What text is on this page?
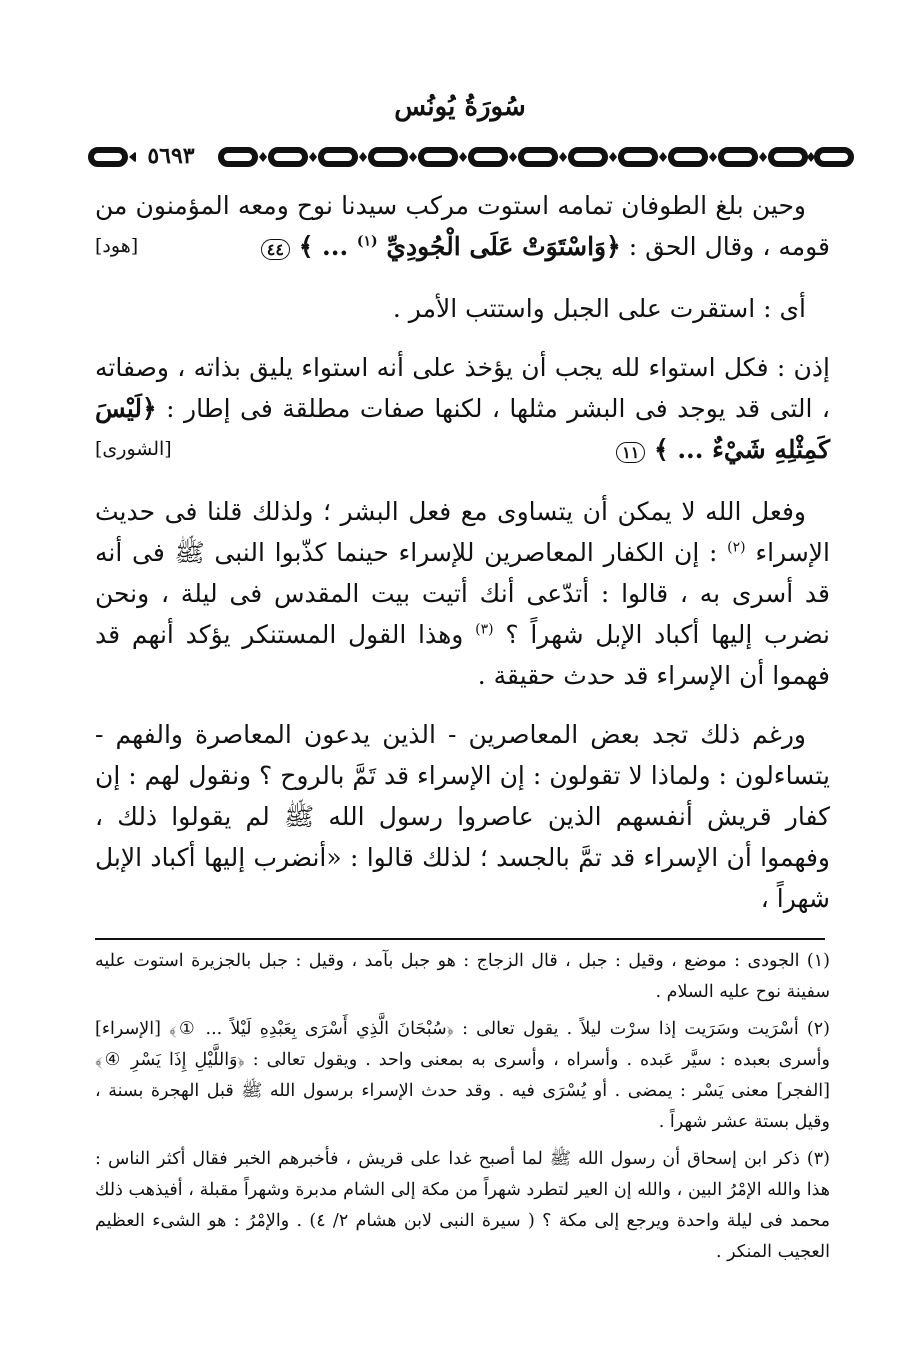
سُورَةُ يُونُس
٥٦٩٣

وحين بلغ الطوفان تمامه استوت مركب سيدنا نوح ومعه المؤمنون من قومه ، وقال الحق : ﴿وَاسْتَوَتْ عَلَى الْجُودِيِّ $^{(١)}$ ... ﴾ ٤٤
[هود]

أى : استقرت على الجبل واستتب الأمر .

إذن : فكل استواء لله يجب أن يؤخذ على أنه استواء يليق بذاته ، وصفاته ، التى قد يوجد فى البشر مثلها ، لكنها صفات مطلقة فى إطار : ﴿لَيْسَ كَمِثْلِهِ شَيْءٌ ... ﴾ ١١
[الشورى]

وفعل الله لا يمكن أن يتساوى مع فعل البشر ؛ ولذلك قلنا فى حديث الإسراء $^{(٢)}$ : إن الكفار المعاصرين للإسراء حينما كذّبوا النبى ﷺ فى أنه قد أسرى به ، قالوا : أتدّعى أنك أتيت بيت المقدس فى ليلة ، ونحن نضرب إليها أكباد الإبل شهراً ؟ $^{(٣)}$ وهذا القول المستنكر يؤكد أنهم قد فهموا أن الإسراء قد حدث حقيقة .

ورغم ذلك تجد بعض المعاصرين - الذين يدعون المعاصرة والفهم - يتساءلون : ولماذا لا تقولون : إن الإسراء قد تَمَّ بالروح ؟ ونقول لهم : إن كفار قريش أنفسهم الذين عاصروا رسول الله ﷺ لم يقولوا ذلك ، وفهموا أن الإسراء قد تمَّ بالجسد ؛ لذلك قالوا : «أنضرب إليها أكباد الإبل شهراً ،

(١) الجودى : موضع ، وقيل : جبل ، قال الزجاج : هو جبل بآمد ، وقيل : جبل بالجزيرة استوت عليه سفينة نوح عليه السلام .

(٢) أسْرَيت وسَرَيت إذا سرْت ليلاً . يقول تعالى : ﴿سُبْحَانَ الَّذِي أَسْرَى بِعَبْدِهِ لَيْلاً ... ①﴾ [الإسراء] وأسرى بعبده : سيَّر عَبده . وأسراه ، وأسرى به بمعنى واحد . ويقول تعالى : ﴿وَاللَّيْلِ إِذَا يَسْرِ ④﴾ [الفجر] معنى يَسْر : يمضى . أو يُسْرَى فيه . وقد حدث الإسراء برسول الله ﷺ قبل الهجرة بسنة ، وقيل بستة عشر شهراً .

(٣) ذكر ابن إسحاق أن رسول الله ﷺ لما أصبح غدا على قريش ، فأخبرهم الخبر فقال أكثر الناس : هذا والله الإمْرُ البين ، والله إن العير لتطرد شهراً من مكة إلى الشام مدبرة وشهراً مقبلة ، أفيذهب ذلك محمد فى ليلة واحدة ويرجع إلى مكة ؟ ( سيرة النبى لابن هشام ٢/ ٤) . والإمْرُ : هو الشىء العظيم العجيب المنكر .
